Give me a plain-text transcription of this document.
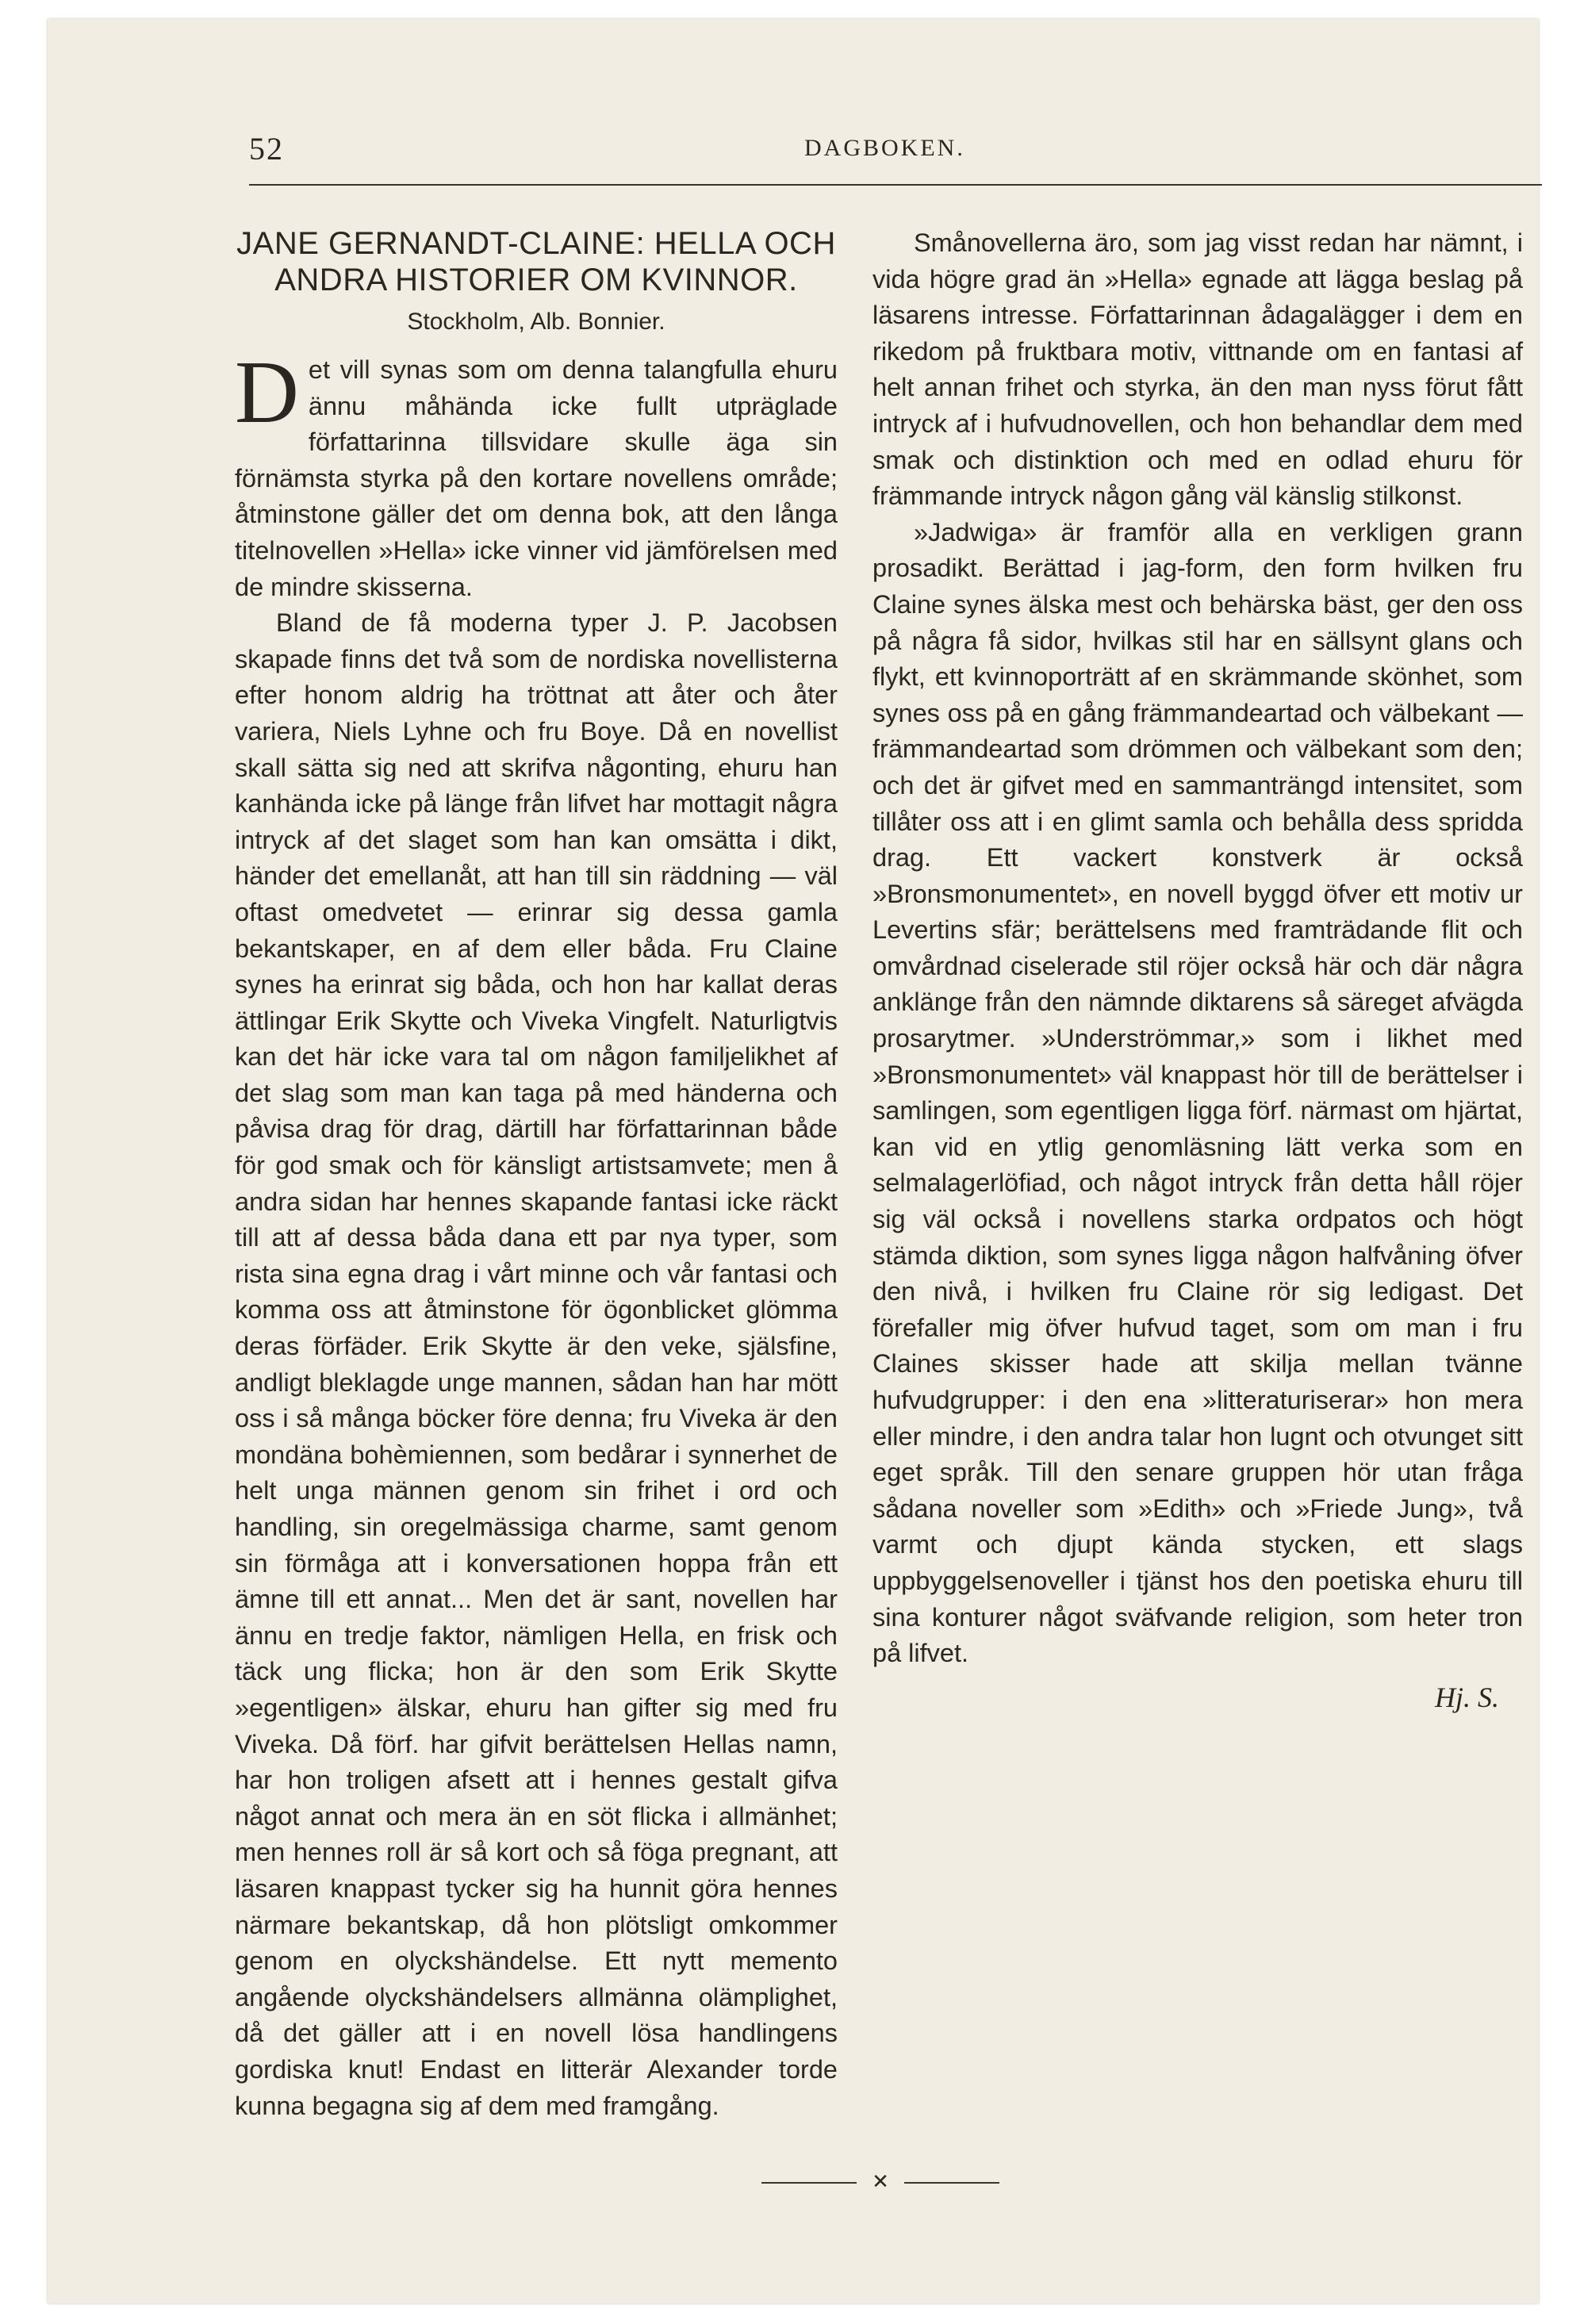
52	DAGBOKEN.
JANE GERNANDT-CLAINE: HELLA OCH
ANDRA HISTORIER OM KVINNOR.
Stockholm, Alb. Bonnier.

Det vill synas som om denna talangfulla ehuru ännu måhända icke fullt utpräglade författarinna tillsvidare skulle äga sin förnämsta styrka på den kortare novellens område; åtminstone gäller det om denna bok, att den långa titelnovellen »Hella» icke vinner vid jämförelsen med de mindre skisserna.

Bland de få moderna typer J. P. Jacobsen skapade finns det två som de nordiska novellisterna efter honom aldrig ha tröttnat att åter och åter variera, Niels Lyhne och fru Boye. Då en novellist skall sätta sig ned att skrifva någonting, ehuru han kanhända icke på länge från lifvet har mottagit några intryck af det slaget som han kan omsätta i dikt, händer det emellanåt, att han till sin räddning — väl oftast omedvetet — erinrar sig dessa gamla bekantskaper, en af dem eller båda. Fru Claine synes ha erinrat sig båda, och hon har kallat deras ättlingar Erik Skytte och Viveka Vingfelt. Naturligtvis kan det här icke vara tal om någon familjelikhet af det slag som man kan taga på med händerna och påvisa drag för drag, därtill har författarinnan både för god smak och för känsligt artistsamvete; men å andra sidan har hennes skapande fantasi icke räckt till att af dessa båda dana ett par nya typer, som rista sina egna drag i vårt minne och vår fantasi och komma oss att åtminstone för ögonblicket glömma deras förfäder. Erik Skytte är den veke, själsfine, andligt bleklagde unge mannen, sådan han har mött oss i så många böcker före denna; fru Viveka är den mondäna bohèmiennen, som bedårar i synnerhet de helt unga männen genom sin frihet i ord och handling, sin oregelmässiga charme, samt genom sin förmåga att i konversationen hoppa från ett ämne till ett annat... Men det är sant, novellen har ännu en tredje faktor, nämligen Hella, en frisk och täck ung flicka; hon är den som Erik Skytte »egentligen» älskar, ehuru han gifter sig med fru Viveka. Då förf. har gifvit berättelsen Hellas namn, har hon troligen afsett att i hennes gestalt gifva något annat och mera än en söt flicka i allmänhet; men hennes roll är så kort och så föga pregnant, att läsaren knappast tycker sig ha hunnit göra hennes närmare bekantskap, då hon plötsligt omkommer genom en olyckshändelse. Ett nytt memento angående olyckshändelsers allmänna olämplighet, då det gäller att i en novell lösa handlingens gordiska knut! Endast en litterär Alexander torde kunna begagna sig af dem med framgång.

Smånovellerna äro, som jag visst redan har nämnt, i vida högre grad än »Hella» egnade att lägga beslag på läsarens intresse. Författarinnan ådagalägger i dem en rikedom på fruktbara motiv, vittnande om en fantasi af helt annan frihet och styrka, än den man nyss förut fått intryck af i hufvudnovellen, och hon behandlar dem med smak och distinktion och med en odlad ehuru för främmande intryck någon gång väl känslig stilkonst.

»Jadwiga» är framför alla en verkligen grann prosadikt. Berättad i jag-form, den form hvilken fru Claine synes älska mest och behärska bäst, ger den oss på några få sidor, hvilkas stil har en sällsynt glans och flykt, ett kvinnoporträtt af en skrämmande skönhet, som synes oss på en gång främmandeartad och välbekant — främmandeartad som drömmen och välbekant som den; och det är gifvet med en sammanträngd intensitet, som tillåter oss att i en glimt samla och behålla dess spridda drag. Ett vackert konstverk är också »Bronsmonumentet», en novell byggd öfver ett motiv ur Levertins sfär; berättelsens med framträdande flit och omvårdnad ciselerade stil röjer också här och där några anklänge från den nämnde diktarens så säreget afvägda prosarytmer. »Underströmmar,» som i likhet med »Bronsmonumentet» väl knappast hör till de berättelser i samlingen, som egentligen ligga förf. närmast om hjärtat, kan vid en ytlig genomläsning lätt verka som en selmalagerlöfiad, och något intryck från detta håll röjer sig väl också i novellens starka ordpatos och högt stämda diktion, som synes ligga någon halfvåning öfver den nivå, i hvilken fru Claine rör sig ledigast. Det förefaller mig öfver hufvud taget, som om man i fru Claines skisser hade att skilja mellan tvänne hufvudgrupper: i den ena »litteraturiserar» hon mera eller mindre, i den andra talar hon lugnt och otvunget sitt eget språk. Till den senare gruppen hör utan fråga sådana noveller som »Edith» och »Friede Jung», två varmt och djupt kända stycken, ett slags uppbyggelsenoveller i tjänst hos den poetiska ehuru till sina konturer något sväfvande religion, som heter tron på lifvet.

Hj. S.
✕
